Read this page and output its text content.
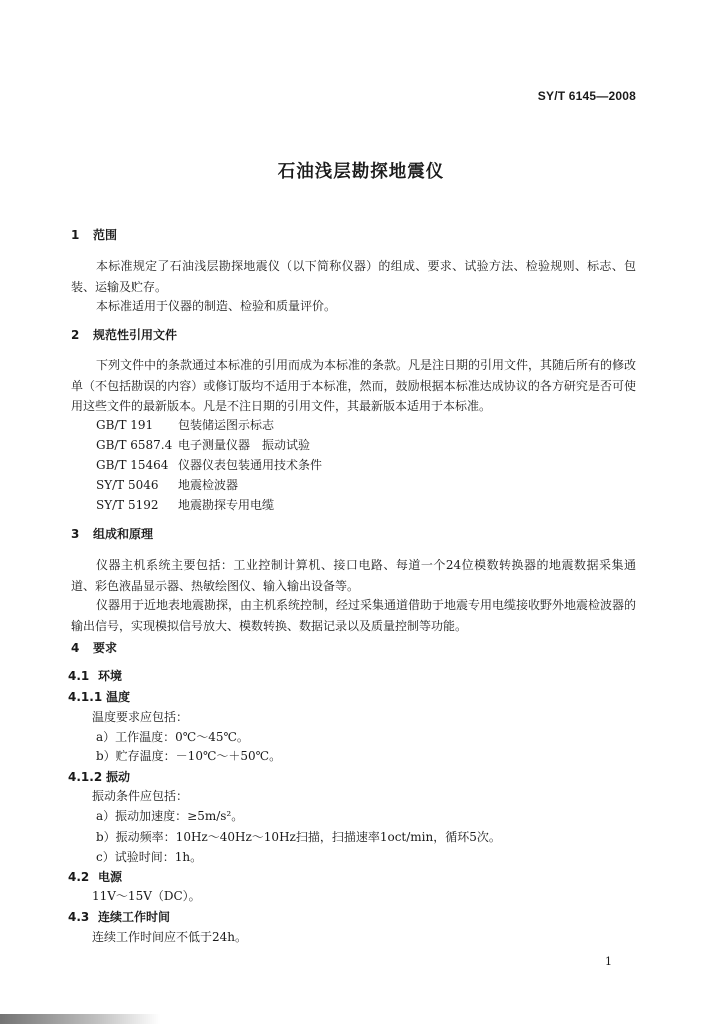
SY/T 6145—2008
石油浅层勘探地震仪
1 范围
本标准规定了石油浅层勘探地震仪（以下简称仪器）的组成、要求、试验方法、检验规则、标志、包装、运输及贮存。
本标准适用于仪器的制造、检验和质量评价。
2 规范性引用文件
下列文件中的条款通过本标准的引用而成为本标准的条款。凡是注日期的引用文件，其随后所有的修改单（不包括勘误的内容）或修订版均不适用于本标准，然而，鼓励根据本标准达成协议的各方研究是否可使用这些文件的最新版本。凡是不注日期的引用文件，其最新版本适用于本标准。
GB/T 191 包装储运图示标志
GB/T 6587.4 电子测量仪器　振动试验
GB/T 15464 仪器仪表包装通用技术条件
SY/T 5046 地震检波器
SY/T 5192 地震勘探专用电缆
3 组成和原理
仪器主机系统主要包括：工业控制计算机、接口电路、每道一个24位模数转换器的地震数据采集通道、彩色液晶显示器、热敏绘图仪、输入输出设备等。
仪器用于近地表地震勘探，由主机系统控制，经过采集通道借助于地震专用电缆接收野外地震检波器的输出信号，实现模拟信号放大、模数转换、数据记录以及质量控制等功能。
4 要求
4.1 环境
4.1.1 温度
温度要求应包括：
a）工作温度：0℃～45℃。
b）贮存温度：－10℃～＋50℃。
4.1.2 振动
振动条件应包括：
a）振动加速度：≥5m/s²。
b）振动频率：10Hz～40Hz～10Hz扫描，扫描速率1oct/min，循环5次。
c）试验时间：1h。
4.2 电源
11V～15V（DC）。
4.3 连续工作时间
连续工作时间应不低于24h。
1
